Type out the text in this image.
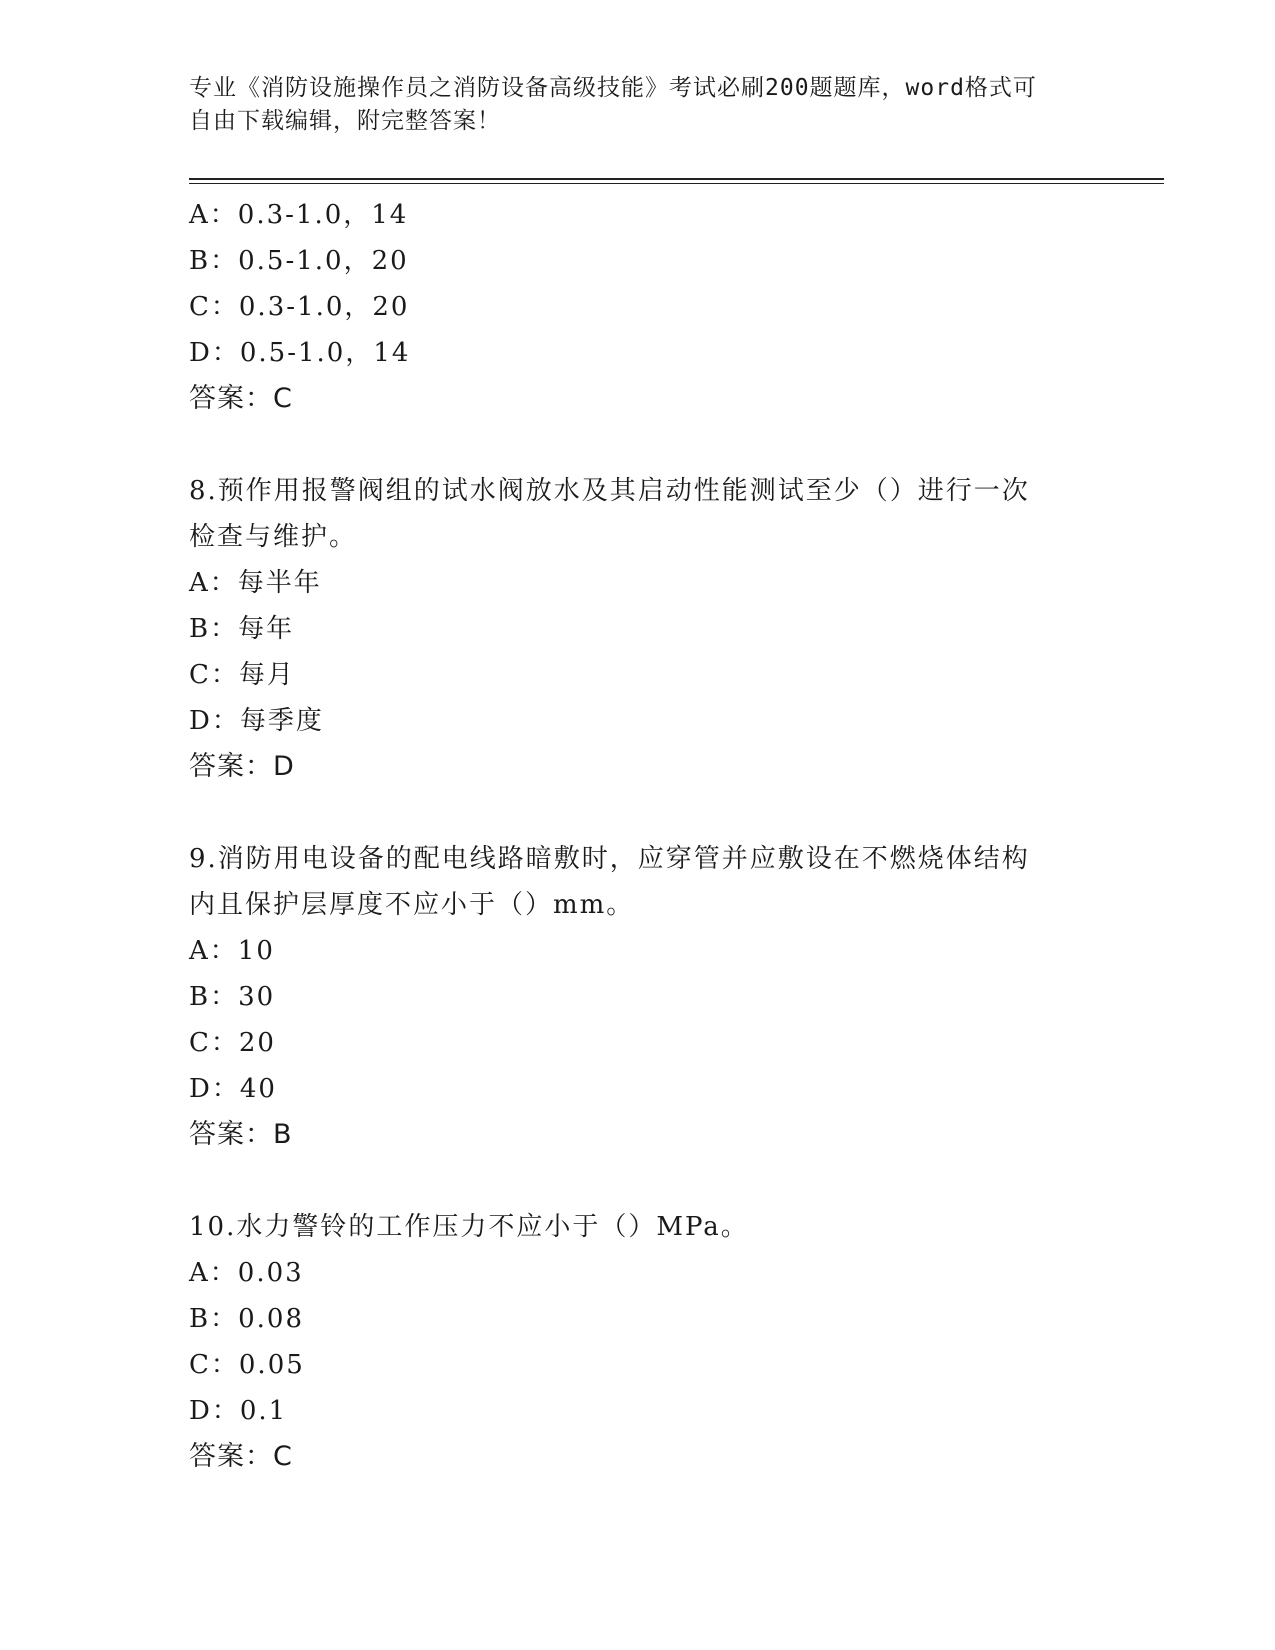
专业《消防设施操作员之消防设备高级技能》考试必刷200题题库，word格式可
自由下载编辑，附完整答案！
A：0.3-1.0，14
B：0.5-1.0，20
C：0.3-1.0，20
D：0.5-1.0，14
答案：C
8.预作用报警阀组的试水阀放水及其启动性能测试至少（）进行一次
检查与维护。
A：每半年
B：每年
C：每月
D：每季度
答案：D
9.消防用电设备的配电线路暗敷时，应穿管并应敷设在不燃烧体结构
内且保护层厚度不应小于（）mm。
A：10
B：30
C：20
D：40
答案：B
10.水力警铃的工作压力不应小于（）MPa。
A：0.03
B：0.08
C：0.05
D：0.1
答案：C
